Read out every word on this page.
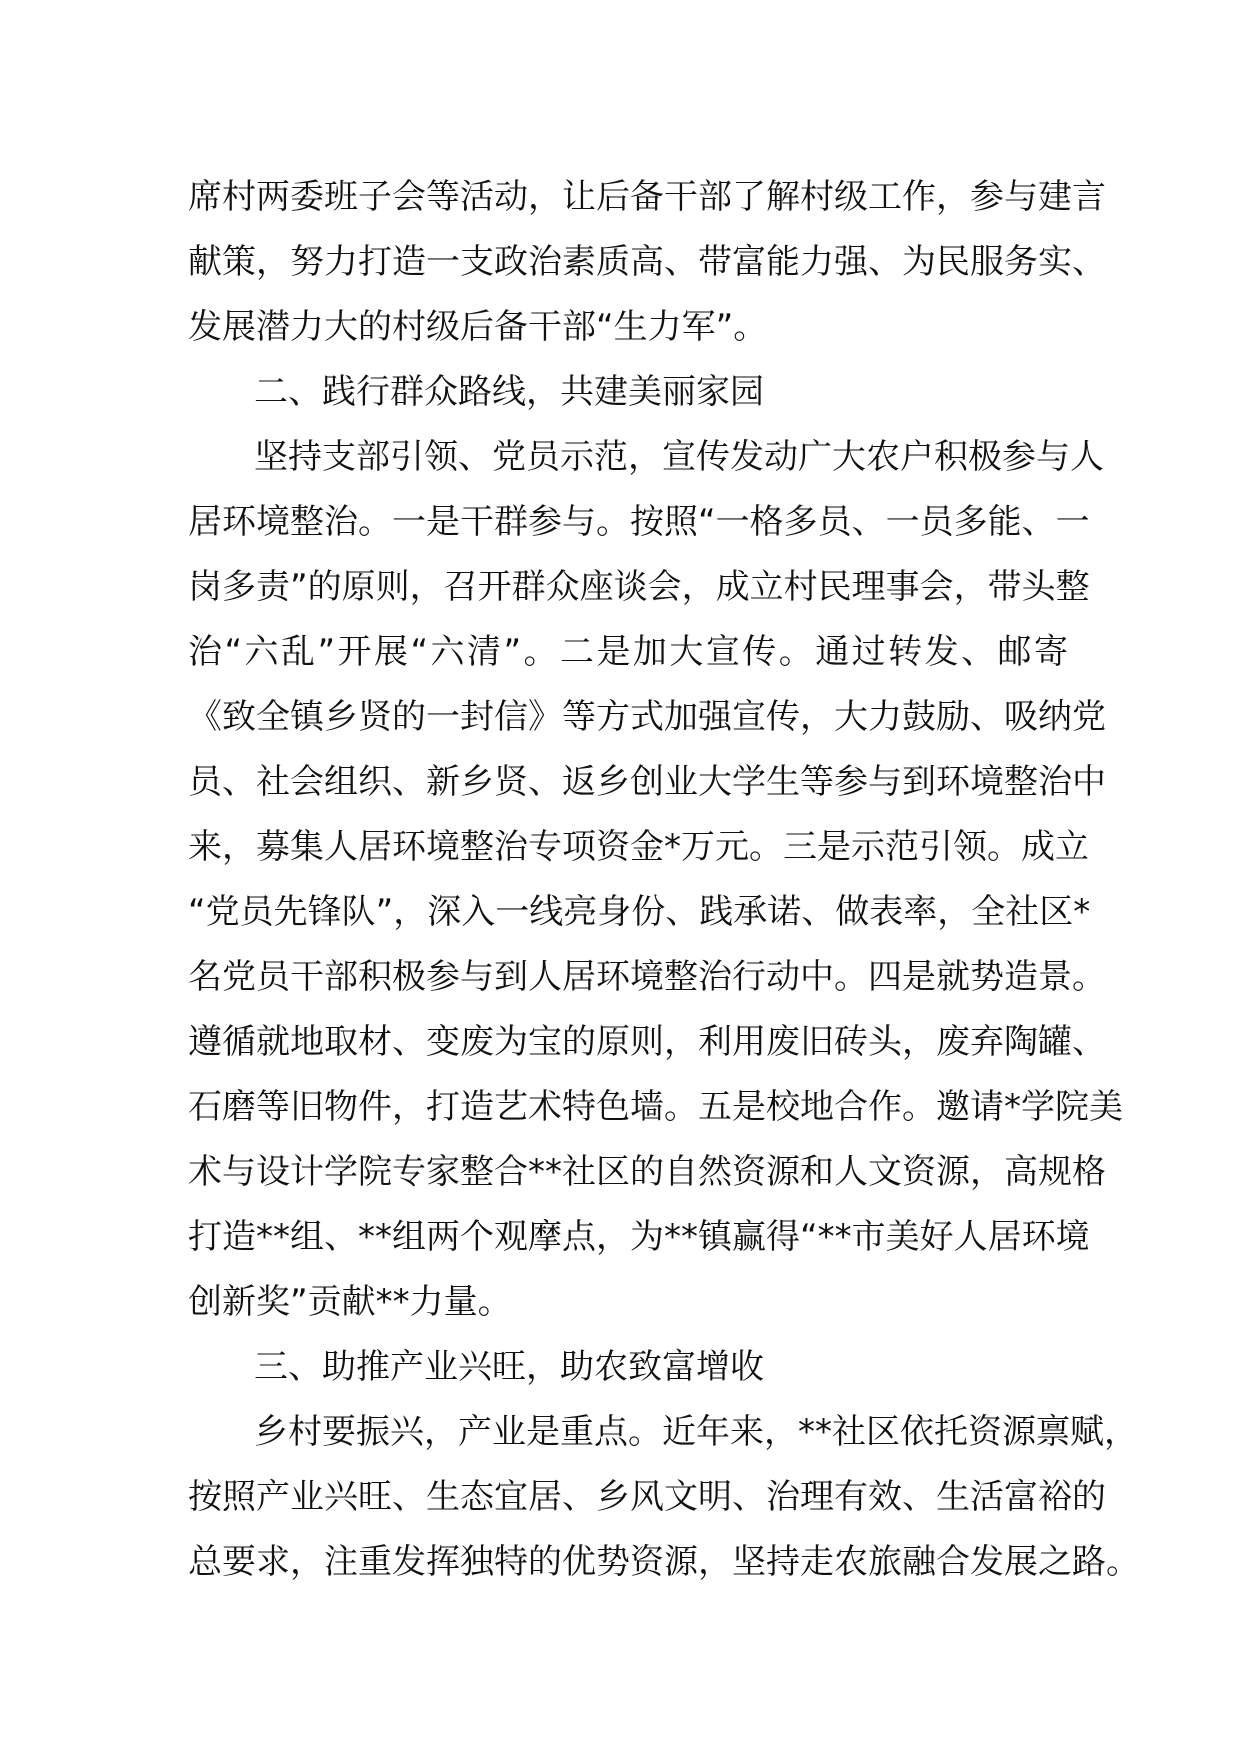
席村两委班子会等活动，让后备干部了解村级工作，参与建言
献策，努力打造一支政治素质高、带富能力强、为民服务实、
发展潜力大的村级后备干部“生力军”。
二、践行群众路线，共建美丽家园
坚持支部引领、党员示范，宣传发动广大农户积极参与人
居环境整治。一是干群参与。按照“一格多员、一员多能、一
岗多责”的原则，召开群众座谈会，成立村民理事会，带头整
治“六乱”开展“六清”。二是加大宣传。通过转发、邮寄
《致全镇乡贤的一封信》等方式加强宣传，大力鼓励、吸纳党
员、社会组织、新乡贤、返乡创业大学生等参与到环境整治中
来，募集人居环境整治专项资金*万元。三是示范引领。成立
“党员先锋队”，深入一线亮身份、践承诺、做表率，全社区*
名党员干部积极参与到人居环境整治行动中。四是就势造景。
遵循就地取材、变废为宝的原则，利用废旧砖头，废弃陶罐、
石磨等旧物件，打造艺术特色墙。五是校地合作。邀请*学院美
术与设计学院专家整合**社区的自然资源和人文资源，高规格
打造**组、**组两个观摩点，为**镇赢得“**市美好人居环境
创新奖”贡献**力量。
三、助推产业兴旺，助农致富增收
乡村要振兴，产业是重点。近年来，**社区依托资源禀赋，
按照产业兴旺、生态宜居、乡风文明、治理有效、生活富裕的
总要求，注重发挥独特的优势资源，坚持走农旅融合发展之路。
